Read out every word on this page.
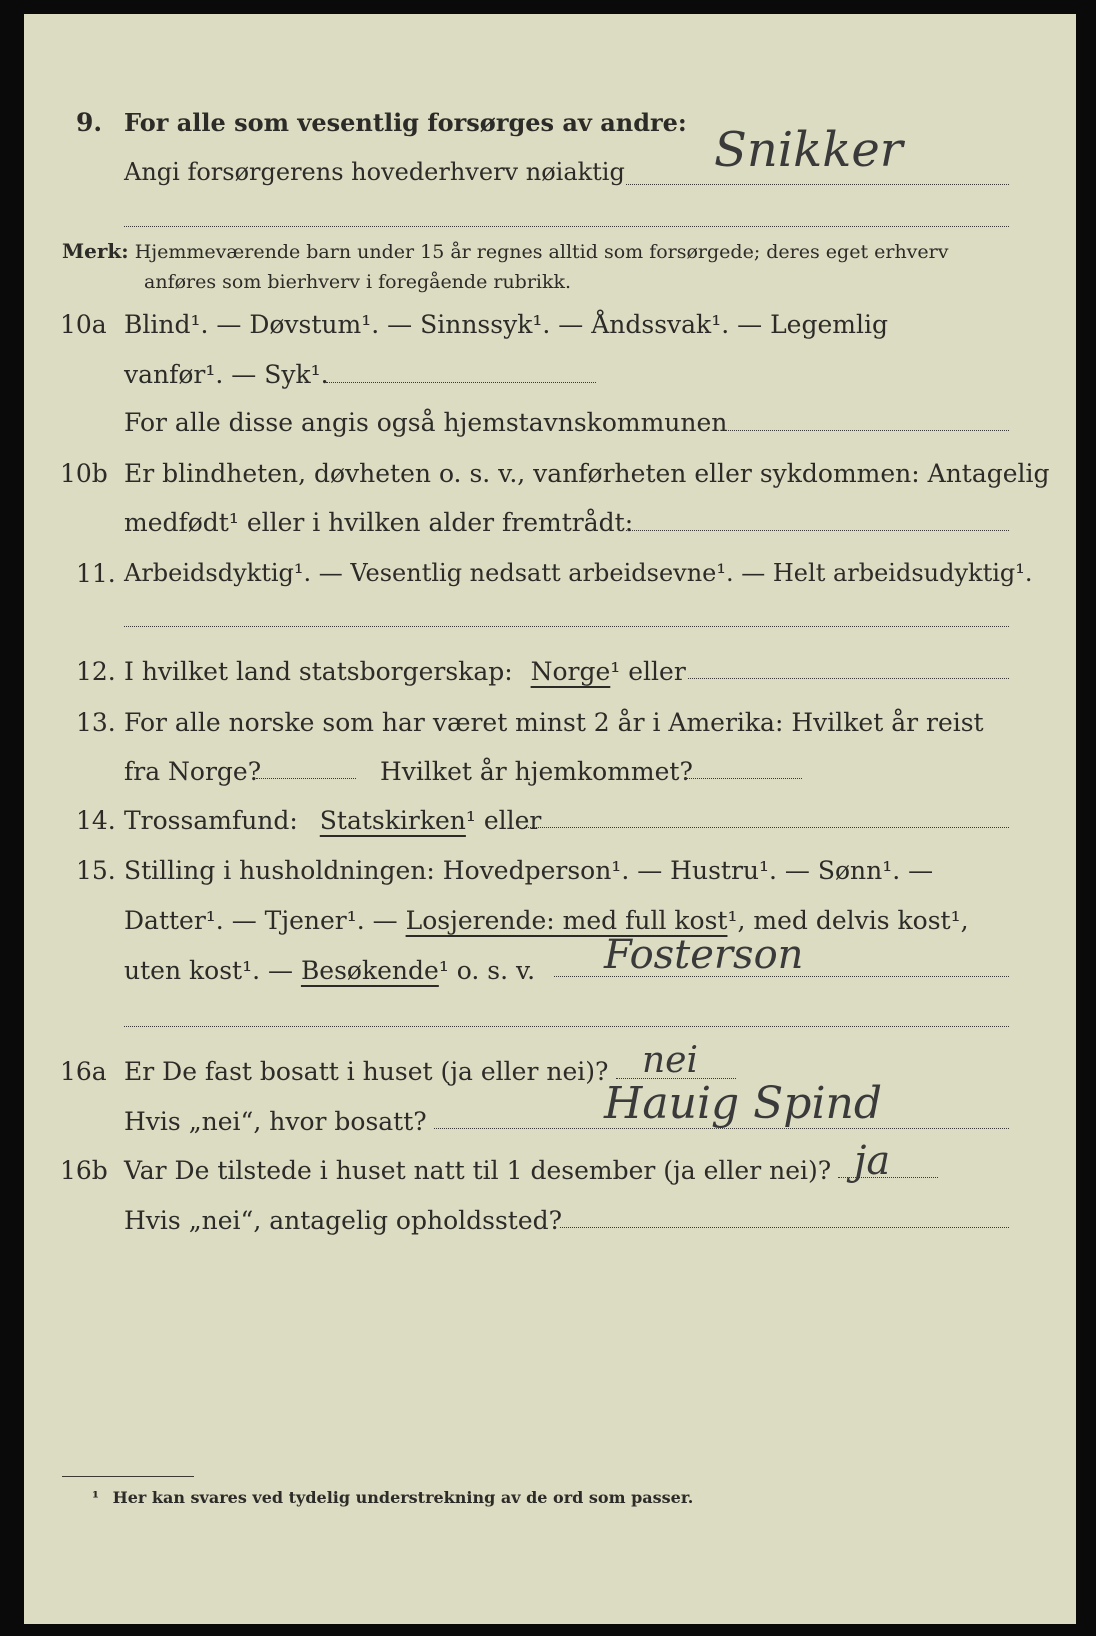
9. For alle som vesentlig forsørges av andre:
Angi forsørgerens hovederhverv nøiaktig Snikker
Merk: Hjemmeværende barn under 15 år regnes alltid som forsørgede; deres eget erhverv
anføres som bierhverv i foregående rubrikk.
10a Blind¹. — Døvstum¹. — Sinnssyk¹. — Åndssvak¹. — Legemlig
vanfør¹. — Syk¹.
For alle disse angis også hjemstavnskommunen
10b Er blindheten, døvheten o. s. v., vanførheten eller sykdommen: Antagelig
medfødt¹ eller i hvilken alder fremtrådt:
11. Arbeidsdyktig¹. — Vesentlig nedsatt arbeidsevne¹. — Helt arbeidsudyktig¹.
12. I hvilket land statsborgerskap: Norge¹ eller
13. For alle norske som har været minst 2 år i Amerika: Hvilket år reist
fra Norge?	Hvilket år hjemkommet?
14. Trossamfund: Statskirken¹ eller
15. Stilling i husholdningen: Hovedperson¹. — Hustru¹. — Sønn¹. —
Datter¹. — Tjener¹. — Losjerende: med full kost¹, med delvis kost¹,
uten kost¹. — Besøkende¹ o. s. v. Fosterson
16a Er De fast bosatt i huset (ja eller nei)? nei
Hvis „nei“, hvor bosatt?	Hauig Spind
16b Var De tilstede i huset natt til 1 desember (ja eller nei)? ja
Hvis „nei“, antagelig opholdssted?
¹ Her kan svares ved tydelig understrekning av de ord som passer.
